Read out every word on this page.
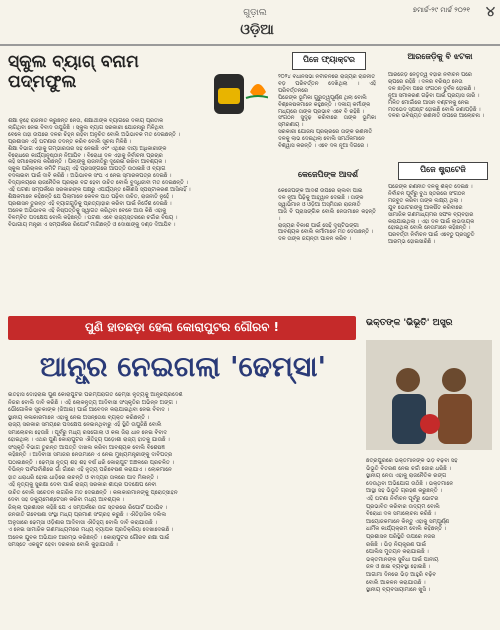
ଗୁଡ଼ାଲ
ଓଡ଼ିଆ
୭ମାର୍ଚ୍ଚ-୨୯ ମାର୍ଚ୍ଚ ୨୦୨୧	୪
ସ୍କୁଲ ବ୍ୟାଗ୍ ବନାମ ପଦ୍ମଫୁଲ

ଶିକ୍ଷା ନୁହେଁ ରାଜନୀତି କରୁଛନ୍ତି ନେତା, ଶିକ୍ଷାର୍ଥୀଙ୍କ ବ୍ୟାଗରେ ଦଳୀୟ ପ୍ରତୀକ

ଲାଗିଥିବା ନେଇ ବିବାଦ ଉପୁଜିଛି । ସ୍କୁଲ ବ୍ୟାଗ ସରକାରୀ ଯୋଜନାରୁ ମିଳିଥିବା

ବେଳେ ତାହା ଉପରେ ଦଳର ଚିହ୍ନ ରହିବା ଅନୁଚିତ ବୋଲି ଅଭିଭାବକ ମତ ଦେଇଛନ୍ତି ।

ପ୍ରଶାସନ ଏହି ଘଟଣାର ତଦନ୍ତ କରିବ ବୋଲି ସୂଚନା ମିଳିଛି ।

ଶିକ୍ଷା ବିଭାଗ ଏହାକୁ ଗମ୍ଭୀରତାର ସହ ନେଇଛି ଏବଂ ଏଥିରେ ଦାୟୀ ଅଧିକାରୀଙ୍କ

ବିରୋଧରେ କାର୍ଯ୍ୟାନୁଷ୍ଠାନ ନିଆଯିବ । ବିରୋଧୀ ଦଳ ଏହାକୁ ନିର୍ବାଚନୀ ପ୍ରଚାର

କହି ସମାଲୋଚନା କରିଛନ୍ତି । ପିଲାଙ୍କୁ ରାଜନୀତିରୁ ଦୂରେଇ ରଖିବା ଆବଶ୍ୟକ ।

ସ୍କୁଲ ପରିଚାଳନା କମିଟି ମଧ୍ୟ ଏହି ପ୍ରସଙ୍ଗରେ ଆପତ୍ତି ଉଠାଇଛି ଓ ବ୍ୟାଗ

ବଦଳାଇବା ପାଇଁ ଦାବି କରିଛି । ଅଭିଭାବକ ସଂଘ ଏ ନେଇ ସ୍ମାରକପତ୍ର ଦେଇଛି ।

ବିଦ୍ୟାଳୟରେ ରାଜନୈତିକ ପ୍ରଚାର ବନ୍ଦ ହେବା ଉଚିତ ବୋଲି ବୁଦ୍ଧିଜୀବୀ ମତ ଦେଇଛନ୍ତି ।

ଏହି ଘଟଣା ସମ୍ପର୍କରେ ସରକାରଙ୍କ ପକ୍ଷରୁ ଏପର୍ଯ୍ୟନ୍ତ କୌଣସି ସ୍ପଷ୍ଟୀକରଣ ଆସିନାହିଁ ।

ଶିକ୍ଷକମାନେ କହିଛନ୍ତି ଯେ ପିଲାମାନେ କେବଳ ପାଠ ପଢ଼ିବା ଉଚିତ, ରାଜନୀତି ନୁହେଁ ।

ପ୍ରଶାସନ ତୁରନ୍ତ ଏହି ବ୍ୟାଗଗୁଡ଼ିକୁ ପ୍ରତ୍ୟାହାର କରିବା ପାଇଁ ନିର୍ଦ୍ଦେଶ ଦେଇଛି ।

ଅନେକ ଅଭିଭାବକ ଏହି ନିଷ୍ପତ୍ତିକୁ ସ୍ୱାଗତ କରିଥିବା ବେଳେ ଆଉ କିଛି ଏହାକୁ

ବିଳମ୍ବିତ ପଦକ୍ଷେପ ବୋଲି କହିଛନ୍ତି । ଘଟଣା ଏବେ ରାଜ୍ୟସ୍ତରରେ ଚର୍ଚ୍ଚାର ବିଷୟ ।

ବିଭାଗୀୟ ମନ୍ତ୍ରୀ ଏ ସମ୍ପର୍କରେ ରିପୋର୍ଟ ମାଗିଛନ୍ତି ଓ ଦୋଷୀଙ୍କୁ ଦଣ୍ଡ ଦିଆଯିବ ।

ପିଜେ ଫ୍ୟାକ୍ଟର

୨୦୨୪ ବିଧାନସଭା ନିର୍ବାଚନରେ ରାଜ୍ୟର ରାଜନୀତି

ବଡ଼ ପରିବର୍ତ୍ତନ ଦେଖିଥିଲା । ଏହି ପରିବର୍ତ୍ତନରେ

ପିଜେଙ୍କ ଭୂମିକା ଗୁରୁତ୍ୱପୂର୍ଣ୍ଣ ଥିଲା ବୋଲି

ବିଶ୍ଳେଷକମାନେ କହୁଛନ୍ତି । ଦଳୀୟ କର୍ମୀଙ୍କ

ମଧ୍ୟରେ ତାଙ୍କ ପ୍ରଭାବ ଏବେ ବି ରହିଛି ।

ସଂଗଠନ ସୁଦୃଢ଼ କରିବାରେ ତାଙ୍କ ଭୂମିକା ସ୍ମରଣୀୟ ।

ସରକାରୀ ଯୋଜନା ପ୍ରଚାରରେ ତାଙ୍କ ରଣନୀତି

ଦଳକୁ ଲାଭ ଦେଇଥିଲା ବୋଲି ସମର୍ଥକମାନେ

ବିଶ୍ୱାସ କରନ୍ତି । ଏବେ ଦଳ ନୂଆ ଦିଗରେ ।

କେଜେପିଙ୍କ ଆଦର୍ଶ

କେଜେପିଙ୍କ ଆଦର୍ଶ ଉପରେ ଚାଲିବା ପାଇଁ

ଦଳ ନୂଆ ପିଢ଼ିକୁ ଆହ୍ୱାନ ଦେଇଛି । ତାଙ୍କ

ସ୍ୱାଭିମାନ ଓ ଓଡ଼ିଆ ଅସ୍ମିତାର ରାଜନୀତି

ଆଜି ବି ପ୍ରାସଙ୍ଗିକ ବୋଲି ନେତାମାନେ କହନ୍ତି ।

ରାଜ୍ୟର ବିକାଶ ପାଇଁ ସେହି ଦୃଷ୍ଟିଭଙ୍ଗୀ

ଆବଶ୍ୟକ ବୋଲି କର୍ମୀମାନେ ମତ ଦେଉଛନ୍ତି ।

ଦଳ ତାଙ୍କ ଜୟନ୍ତୀ ପାଳନ କରିବ ।

ଆରଜେଡ଼ିକୁ ବି ଝଟକା

ଆରଜେଡ଼ି ନେତୃତ୍ୱ ବିହାର ନିର୍ବାଚନ ପରେ

ଚାପରେ ରହିଛି । ଦଳର ବରିଷ୍ଠ ନେତା

ଦଳ ଛାଡ଼ିବା ପରେ ସଂଗଠନ ଦୁର୍ବଳ ହୋଇଛି ।

ନୂଆ ସମୀକରଣ ଗଢ଼ିବା ପାଇଁ ପ୍ରୟାସ ଜାରି ।

ମିଳିତ ମୋର୍ଚ୍ଚାରେ ଆସନ ବଣ୍ଟନକୁ ନେଇ

ମତଭେଦ ସ୍ପଷ୍ଟ ହୋଇଛି ବୋଲି ଜଣାପଡ଼ିଛି ।

ଦଳର ଭବିଷ୍ୟତ ରଣନୀତି ଉପରେ ଆଲୋଚନା ।

ପିଜେ ଷ୍ଟ୍ରାଟେଜି

ପିଜେଙ୍କ ରଣନୀତି ଦଳକୁ ଶକ୍ତି ଦେଇଛି ।

ନିର୍ବାଚନ ପୂର୍ବରୁ ବୁଥ ସ୍ତରରେ ସଂଗଠନ

ମଜବୁତ କରିବା ତାଙ୍କ ଲକ୍ଷ୍ୟ ଥିଲା ।

ଯୁବ ଭୋଟରଙ୍କୁ ଆକର୍ଷିତ କରିବାରେ

ସାମାଜିକ ଗଣମାଧ୍ୟମର ସଫଳ ବ୍ୟବହାର

କରାଯାଇଥିଲା । ଏହା ଦଳ ପାଇଁ ଲାଭଦାୟକ

ହୋଇଥିଲା ବୋଲି ନେତାମାନେ କହିଛନ୍ତି ।

ପରବର୍ତ୍ତୀ ନିର୍ବାଚନ ପାଇଁ ଏବେଠୁ ପ୍ରସ୍ତୁତି

ଆରମ୍ଭ ହୋଇସାରିଛି ।

ପୁଣି ହାତଛଡ଼ା ହେଲା କୋରାପୁଟର ଗୌରବ !
ଆନ୍ଧ୍ର ନେଇଗଲା 'ଢେମ୍ସା'

ଇତିହାସ ଦୋହରାଇ ପୁଣି କୋରାପୁଟର ପରମ୍ପରାଗତ ଢେମ୍ସା ନୃତ୍ୟକୁ ଆନ୍ଧ୍ରପ୍ରଦେଶ

ନିଜର ବୋଲି ଦାବି କରିଛି । ଏହି ଲୋକନୃତ୍ୟ ଆଦିବାସୀ ସଂସ୍କୃତିର ଅଭିନ୍ନ ଅଙ୍ଗ ।

ଭୌଗୋଳିକ ସୂଚକାଙ୍କ (ଜିଆଇ) ପାଇଁ ଆବେଦନ କରାଯାଇଥିବା ନେଇ ବିବାଦ ।

ସ୍ଥାନୀୟ କଳାକାରମାନେ ଏହାକୁ ନେଇ ଅସନ୍ତୋଷ ବ୍ୟକ୍ତ କରିଛନ୍ତି ।

ରାଜ୍ୟ ସରକାର ସମୟରେ ପଦକ୍ଷେପ ନେଇନଥିବାରୁ ଏହି ସ୍ଥିତି ଉପୁଜିଛି ବୋଲି

ସମାଲୋଚନା ହେଉଛି । ପୂର୍ବରୁ ମଧ୍ୟ ରସଗୋଲା ଓ କଳା ଜିରା ଧାନ ନେଇ ବିବାଦ

ହୋଇଥିଲା । ଏଥର ପୁଣି କୋରାପୁଟର ଐତିହ୍ୟ ପଡ଼ୋଶୀ ରାଜ୍ୟ ହାତକୁ ଯାଉଛି ।

ସଂସ୍କୃତି ବିଭାଗ ତୁରନ୍ତ ଆପତ୍ତି ଦାଖଲ କରିବା ଆବଶ୍ୟକ ବୋଲି ବିଶେଷଜ୍ଞ

କହିଛନ୍ତି । ଆଦିବାସୀ ସମାଜର ନେତାମାନେ ଏ ନେଇ ମୁଖ୍ୟମନ୍ତ୍ରୀଙ୍କୁ ଦାବିପତ୍ର

ପଠାଇଛନ୍ତି । ଢେମ୍ସା ନୃତ୍ୟ ଶହ ଶହ ବର୍ଷ ଧରି କୋରାପୁଟ ଅଞ୍ଚଳରେ ପ୍ରଚଳିତ ।

ବିଭିନ୍ନ ପର୍ବପର୍ବାଣିରେ ଗାଁ ଗାଁରେ ଏହି ନୃତ୍ୟ ପରିବେଷଣ କରାଯାଏ । ଲୋକମାନେ

ହାତ ଧରାଧରି ହୋଇ ଧାଡ଼ିରେ ନାଚନ୍ତି ଓ ବାଦ୍ୟର ତାଳରେ ପାଦ ମିଳାନ୍ତି ।

ଏହି ନୃତ୍ୟକୁ ସୁରକ୍ଷା ଦେବା ପାଇଁ ରାଜ୍ୟ ସରକାର ଶୀଘ୍ର ପଦକ୍ଷେପ ନେବା

ଉଚିତ ବୋଲି ସଚେତନ ନାଗରିକ ମତ ଦେଇଛନ୍ତି । କଳାକାରମାନଙ୍କୁ ପ୍ରୋତ୍ସାହନ

ଦେବା ସହ ଡକ୍ୟୁମେଣ୍ଟେସନ କରିବା ମଧ୍ୟ ଆବଶ୍ୟକ ।

ଜିଲ୍ଲା ପ୍ରଶାସନ କହିଛି ଯେ ଏ ସମ୍ପର୍କରେ ଉଚ୍ଚ ସ୍ତରରେ ରିପୋର୍ଟ ପଠାଯିବ ।

ଜନଜାତି ଗବେଷଣା ସଂସ୍ଥା ମଧ୍ୟ ପ୍ରମାଣ ସଂଗ୍ରହ କରୁଛି । ଐତିହାସିକ ଦଲିଲ

ଅନୁସାରେ ଢେମ୍ସା ଓଡ଼ିଶାର ଆଦିବାସୀ ଐତିହ୍ୟ ବୋଲି ଦାବି କରାଯାଉଛି ।

ଏ ନେଇ ସାମାଜିକ ଗଣମାଧ୍ୟମରେ ମଧ୍ୟ ବ୍ୟାପକ ପ୍ରତିକ୍ରିୟା ଦେଖାଦେଇଛି ।

ଅନେକ ଯୁବକ ଅଭିଯାନ ଆରମ୍ଭ କରିଛନ୍ତି । କୋରାପୁଟର ଗୌରବ ରକ୍ଷା ପାଇଁ

ସମସ୍ତେ ଏକଜୁଟ ହେବା ଦରକାର ବୋଲି କୁହାଯାଉଛି ।

ଭକ୍ତଙ୍କ 'ଭିଭୂତି' ଅସ୍ତ୍ର

ଛତ୍ରପୁରରେ ଭକ୍ତମାନଙ୍କ ଭିଡ଼ ବଢ଼ିବା ସହ

ଭିଭୂତି ବିତରଣ ନେଇ ଚର୍ଚ୍ଚା ଜୋର ଧରିଛି ।

ସ୍ଥାନୀୟ ନେତା ଏହାକୁ ରାଜନୈତିକ ରଙ୍ଗ

ଦେଉଥିବା ଅଭିଯୋଗ ଉଠିଛି । ଭକ୍ତମାନେ

ଆସ୍ଥା ସହ ଭିଭୂତି ଗ୍ରହଣ କରୁଛନ୍ତି ।

ଏହି ଘଟଣା ନିର୍ବାଚନ ପୂର୍ବରୁ ଭୋଟର

ପ୍ରଭାବିତ କରିବାର ଉଦ୍ୟମ ବୋଲି

ବିରୋଧୀ ଦଳ ସମାଲୋଚନା କରିଛି ।

ଆୟୋଜକମାନେ କିନ୍ତୁ ଏହାକୁ ସମ୍ପୂର୍ଣ୍ଣ

ଧାର୍ମିକ କାର୍ଯ୍ୟକ୍ରମ ବୋଲି କହିଛନ୍ତି ।

ପ୍ରଶାସନ ପରିସ୍ଥିତି ଉପରେ ନଜର

ରଖିଛି । ଭିଡ଼ ନିୟନ୍ତ୍ରଣ ପାଇଁ

ପୋଲିସ ମୁତୟନ କରାଯାଇଛି ।

ଭକ୍ତମାନଙ୍କ ସୁବିଧା ପାଇଁ ପାନୀୟ

ଜଳ ଓ ଛାଇ ବ୍ୟବସ୍ଥା ହୋଇଛି ।

ଆଗାମୀ ଦିନରେ ଭିଡ଼ ଆହୁରି ବଢ଼ିବ

ବୋଲି ଆକଳନ କରାଯାଉଛି ।

ସ୍ଥାନୀୟ ବ୍ୟବସାୟୀମାନେ ଖୁସି ।
